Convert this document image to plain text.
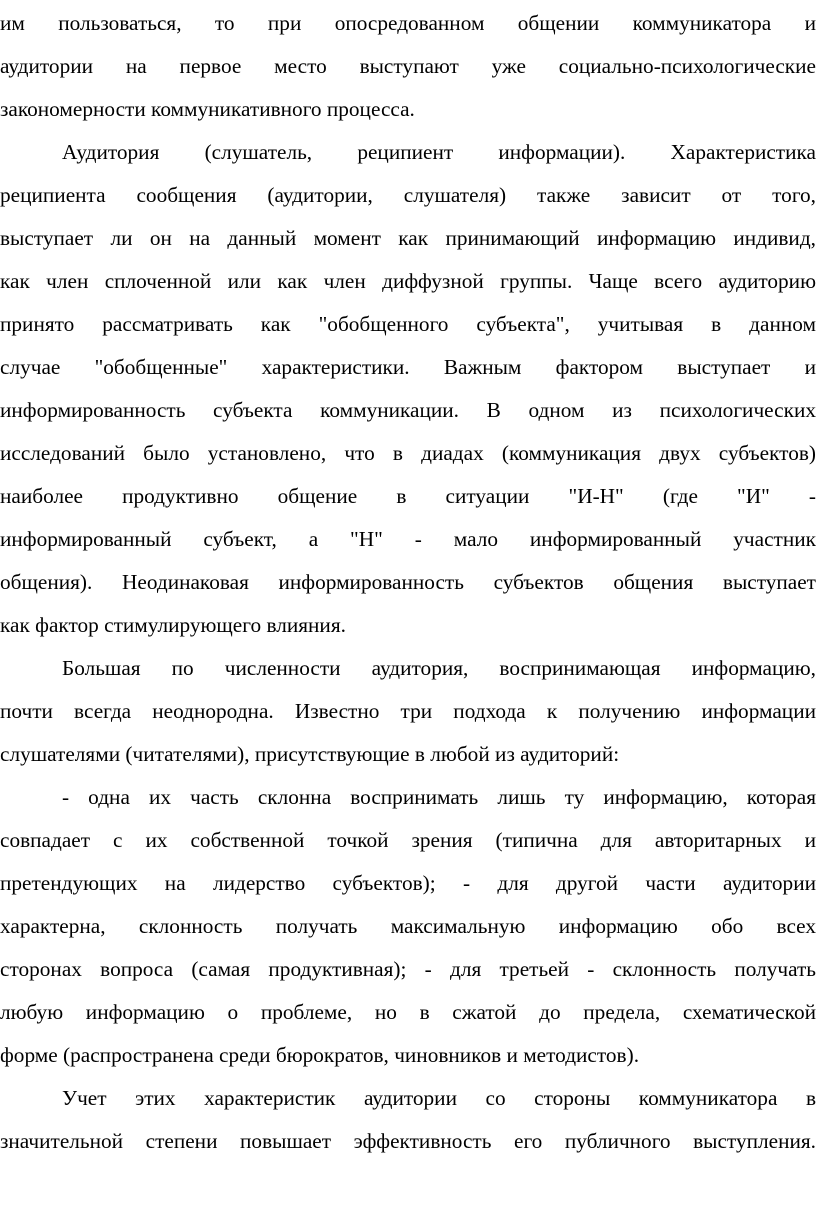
им пользоваться, то при опосредованном общении коммуникатора и
аудитории на первое место выступают уже социально-психологические
закономерности коммуникативного процесса.
Аудитория (слушатель, реципиент информации). Характеристика
реципиента сообщения (аудитории, слушателя) также зависит от того,
выступает ли он на данный момент как принимающий информацию индивид,
как член сплоченной или как член диффузной группы. Чаще всего аудиторию
принято рассматривать как "обобщенного субъекта", учитывая в данном
случае "обобщенные" характеристики. Важным фактором выступает и
информированность субъекта коммуникации. В одном из психологических
исследований было установлено, что в диадах (коммуникация двух субъектов)
наиболее продуктивно общение в ситуации "И-Н" (где "И" -
информированный субъект, а "Н" - мало информированный участник
общения). Неодинаковая информированность субъектов общения выступает
как фактор стимулирующего влияния.
Большая по численности аудитория, воспринимающая информацию,
почти всегда неоднородна. Известно три подхода к получению информации
слушателями (читателями), присутствующие в любой из аудиторий:
- одна их часть склонна воспринимать лишь ту информацию, которая
совпадает с их собственной точкой зрения (типична для авторитарных и
претендующих на лидерство субъектов); - для другой части аудитории
характерна, склонность получать максимальную информацию обо всех
сторонах вопроса (самая продуктивная); - для третьей - склонность получать
любую информацию о проблеме, но в сжатой до предела, схематической
форме (распространена среди бюрократов, чиновников и методистов).
Учет этих характеристик аудитории со стороны коммуникатора в
значительной степени повышает эффективность его публичного выступления.
